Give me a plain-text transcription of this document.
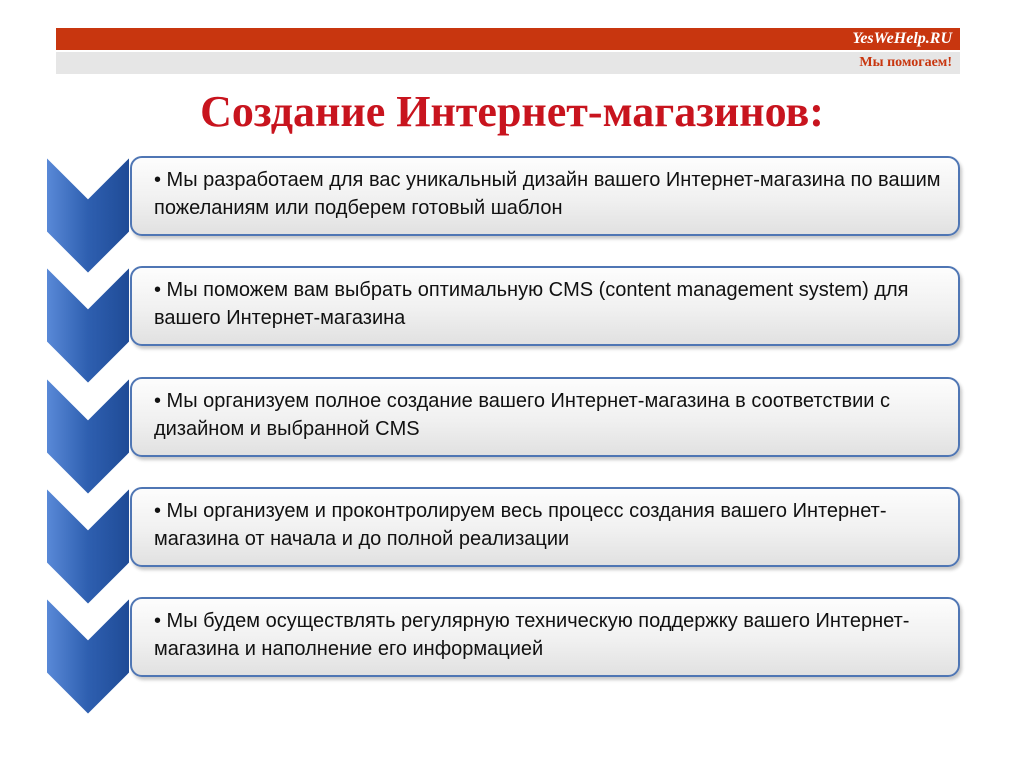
YesWeHelp.RU
Мы помогаем!
Создание Интернет-магазинов:
• Мы разработаем для вас уникальный дизайн вашего Интернет-магазина по вашим пожеланиям или подберем готовый шаблон
• Мы поможем вам выбрать оптимальную CMS (content management system) для вашего Интернет-магазина
• Мы организуем полное создание вашего Интернет-магазина в соответствии с дизайном и выбранной CMS
• Мы организуем и проконтролируем весь процесс создания вашего Интернет-магазина от начала и до полной реализации
• Мы будем осуществлять регулярную техническую поддержку вашего Интернет-магазина и наполнение его информацией
